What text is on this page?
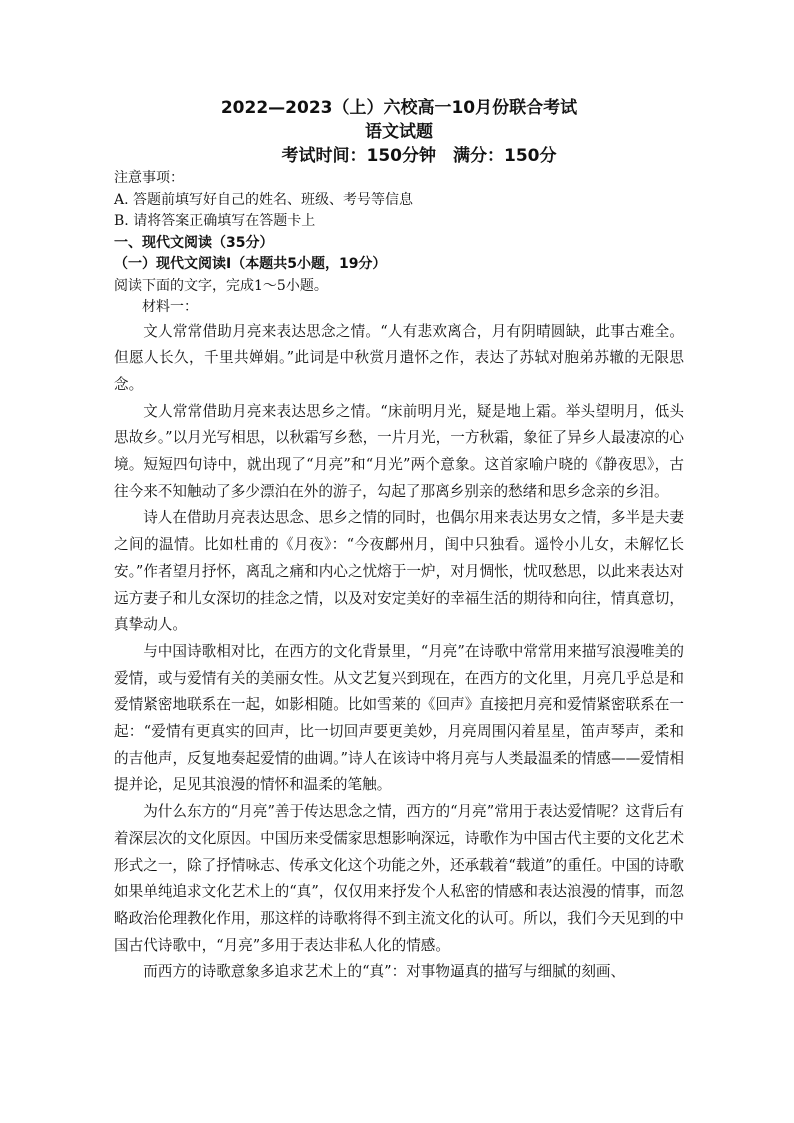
2022—2023（上）六校高一10月份联合考试

语文试题

考试时间：150分钟　满分：150分

注意事项：

A. 答题前填写好自己的姓名、班级、考号等信息

B. 请将答案正确填写在答题卡上

一、现代文阅读（35分）

（一）现代文阅读Ⅰ（本题共5小题，19分）

阅读下面的文字，完成1～5小题。

材料一：

文人常常借助月亮来表达思念之情。“人有悲欢离合，月有阴晴圆缺，此事古难全。但愿人长久，千里共婵娟。”此词是中秋赏月遣怀之作，表达了苏轼对胞弟苏辙的无限思念。

文人常常借助月亮来表达思乡之情。“床前明月光，疑是地上霜。举头望明月，低头思故乡。”以月光写相思，以秋霜写乡愁，一片月光，一方秋霜，象征了异乡人最凄凉的心境。短短四句诗中，就出现了“月亮”和“月光”两个意象。这首家喻户晓的《静夜思》，古往今来不知触动了多少漂泊在外的游子，勾起了那离乡别亲的愁绪和思乡念亲的乡泪。

诗人在借助月亮表达思念、思乡之情的同时，也偶尔用来表达男女之情，多半是夫妻之间的温情。比如杜甫的《月夜》：“今夜鄜州月，闺中只独看。遥怜小儿女，未解忆长安。”作者望月抒怀，离乱之痛和内心之忧熔于一炉，对月惆怅，忧叹愁思，以此来表达对远方妻子和儿女深切的挂念之情，以及对安定美好的幸福生活的期待和向往，情真意切，真挚动人。

与中国诗歌相对比，在西方的文化背景里，“月亮”在诗歌中常常用来描写浪漫唯美的爱情，或与爱情有关的美丽女性。从文艺复兴到现在，在西方的文化里，月亮几乎总是和爱情紧密地联系在一起，如影相随。比如雪莱的《回声》直接把月亮和爱情紧密联系在一起：“爱情有更真实的回声，比一切回声要更美妙，月亮周围闪着星星，笛声琴声，柔和的吉他声，反复地奏起爱情的曲调。”诗人在该诗中将月亮与人类最温柔的情感——爱情相提并论，足见其浪漫的情怀和温柔的笔触。

为什么东方的“月亮”善于传达思念之情，西方的“月亮”常用于表达爱情呢？这背后有着深层次的文化原因。中国历来受儒家思想影响深远，诗歌作为中国古代主要的文化艺术形式之一，除了抒情咏志、传承文化这个功能之外，还承载着“载道”的重任。中国的诗歌如果单纯追求文化艺术上的“真”，仅仅用来抒发个人私密的情感和表达浪漫的情事，而忽略政治伦理教化作用，那这样的诗歌将得不到主流文化的认可。所以，我们今天见到的中国古代诗歌中，“月亮”多用于表达非私人化的情感。

而西方的诗歌意象多追求艺术上的“真”：对事物逼真的描写与细腻的刻画、
